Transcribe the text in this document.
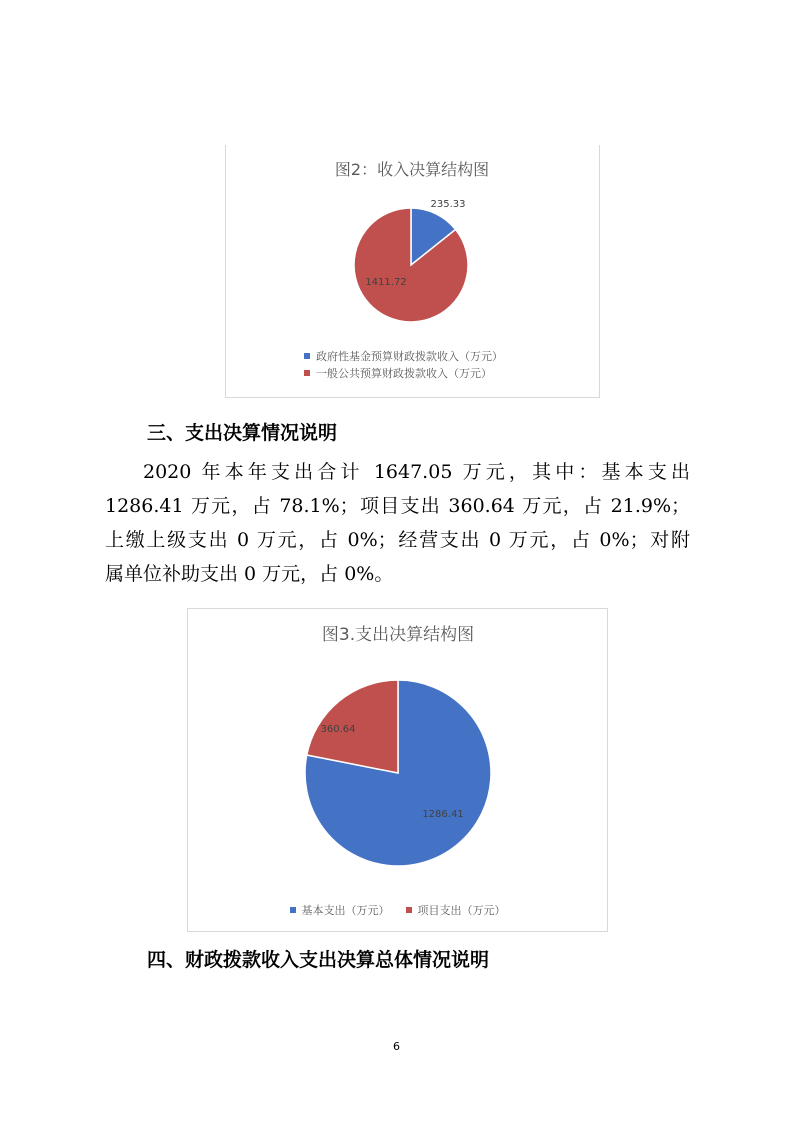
图2：收入决算结构图
235.33
1411.72
政府性基金预算财政拨款收入（万元）
一般公共预算财政拨款收入（万元）
三、支出决算情况说明
2020 年本年支出合计 1647.05 万元，其中：基本支出
1286.41 万元，占 78.1%；项目支出 360.64 万元，占 21.9%；
上缴上级支出 0 万元，占 0%；经营支出 0 万元，占 0%；对附
属单位补助支出 0 万元，占 0%。
图3.支出决算结构图
1286.41
360.64
基本支出（万元）	项目支出（万元）
四、财政拨款收入支出决算总体情况说明
6
